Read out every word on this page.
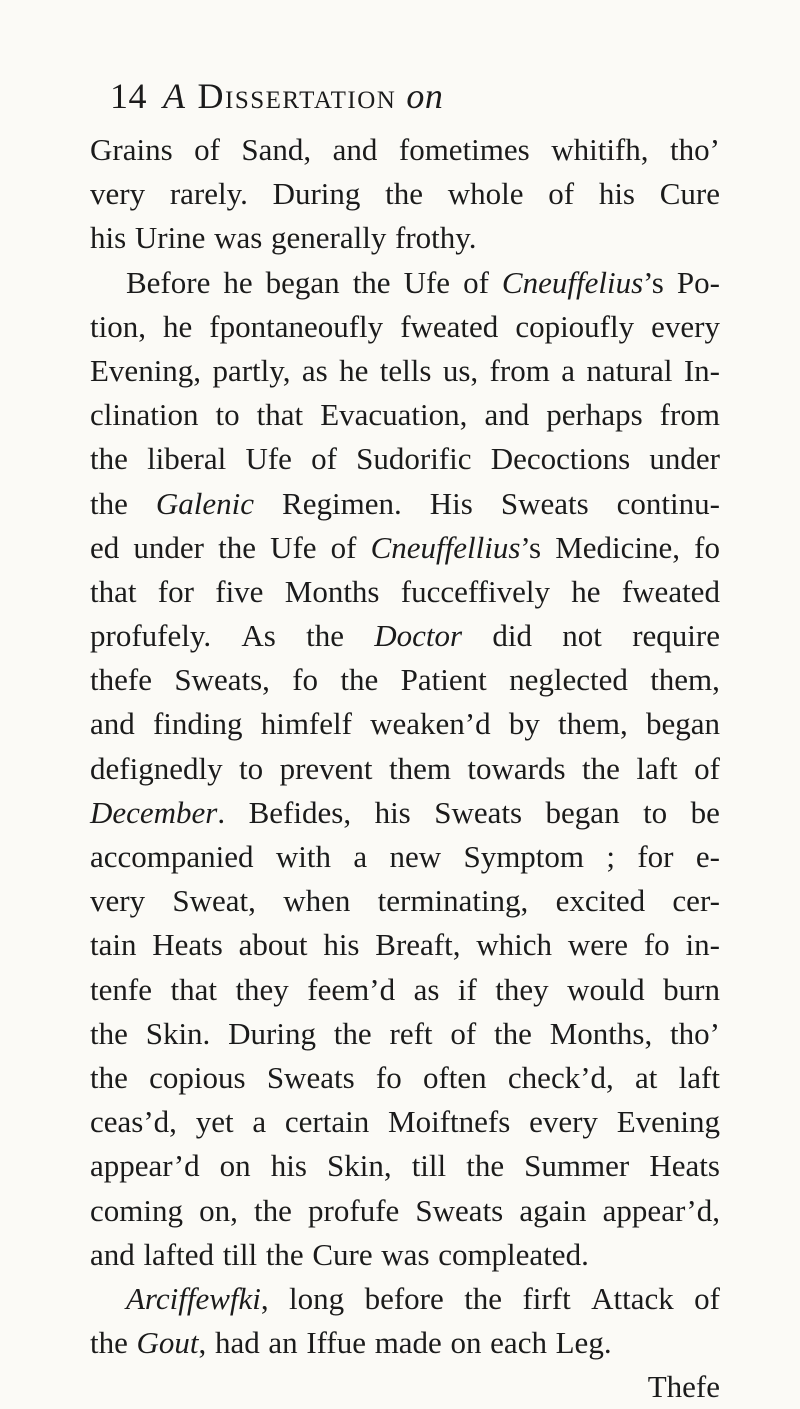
14 A Dissertation on
Grains of Sand, and fometimes whitifh, tho’
very rarely. During the whole of his Cure
his Urine was generally frothy.
Before he began the Ufe of Cneuffelius’s Po-
tion, he fpontaneoufly fweated copioufly every
Evening, partly, as he tells us, from a natural In-
clination to that Evacuation, and perhaps from
the liberal Ufe of Sudorific Decoctions under
the Galenic Regimen. His Sweats continu-
ed under the Ufe of Cneuffellius’s Medicine, fo
that for five Months fucceffively he fweated
profufely. As the Doctor did not require
thefe Sweats, fo the Patient neglected them,
and finding himfelf weaken’d by them, began
defignedly to prevent them towards the laft of
December. Befides, his Sweats began to be
accompanied with a new Symptom ; for e-
very Sweat, when terminating, excited cer-
tain Heats about his Breaft, which were fo in-
tenfe that they feem’d as if they would burn
the Skin. During the reft of the Months, tho’
the copious Sweats fo often check’d, at laft
ceas’d, yet a certain Moiftnefs every Evening
appear’d on his Skin, till the Summer Heats
coming on, the profufe Sweats again appear’d,
and lafted till the Cure was compleated.
Arciffewfki, long before the firft Attack of
the Gout, had an Iffue made on each Leg.
Thefe
